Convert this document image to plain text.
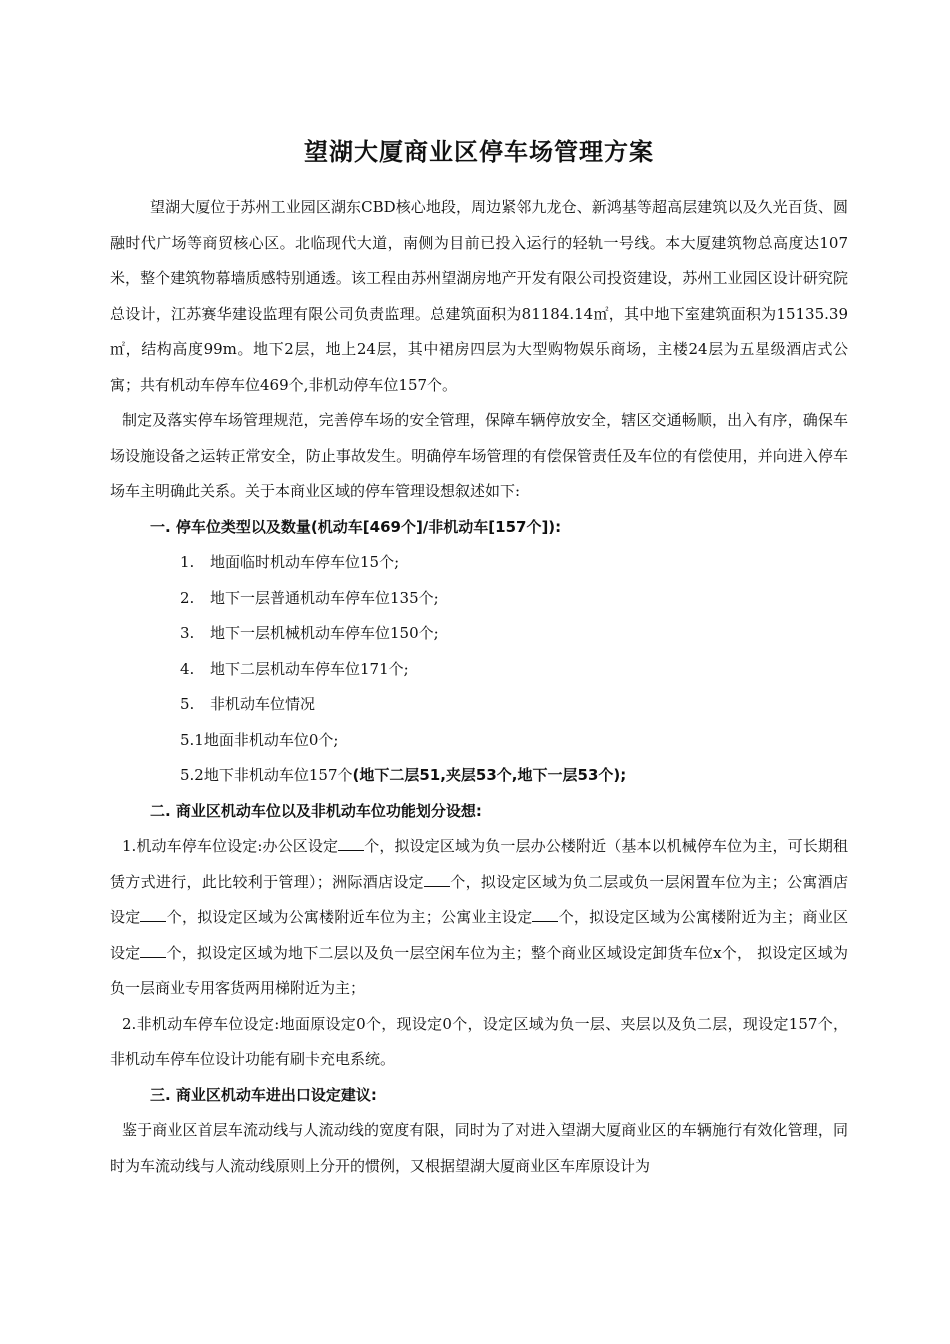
望湖大厦商业区停车场管理方案

望湖大厦位于苏州工业园区湖东CBD核心地段，周边紧邻九龙仓、新鸿基等超高层建筑以及久光百货、圆融时代广场等商贸核心区。北临现代大道，南侧为目前已投入运行的轻轨一号线。本大厦建筑物总高度达107米，整个建筑物幕墙质感特别通透。该工程由苏州望湖房地产开发有限公司投资建设，苏州工业园区设计研究院总设计，江苏赛华建设监理有限公司负责监理。总建筑面积为81184.14㎡，其中地下室建筑面积为15135.39㎡，结构高度99m。地下2层，地上24层，其中裙房四层为大型购物娱乐商场，主楼24层为五星级酒店式公寓；共有机动车停车位469个,非机动停车位157个。

制定及落实停车场管理规范，完善停车场的安全管理，保障车辆停放安全，辖区交通畅顺，出入有序，确保车场设施设备之运转正常安全，防止事故发生。明确停车场管理的有偿保管责任及车位的有偿使用，并向进入停车场车主明确此关系。关于本商业区域的停车管理设想叙述如下:

一. 停车位类型以及数量(机动车[469个]/非机动车[157个]):
1. 地面临时机动车停车位15个;
2. 地下一层普通机动车停车位135个;
3. 地下一层机械机动车停车位150个;
4. 地下二层机动车停车位171个;
5. 非机动车位情况
5.1地面非机动车位0个;
5.2地下非机动车位157个(地下二层51,夹层53个,地下一层53个);
二. 商业区机动车位以及非机动车位功能划分设想:

1.机动车停车位设定:办公区设定 个，拟设定区域为负一层办公楼附近（基本以机械停车位为主，可长期租赁方式进行，此比较利于管理）；洲际酒店设定 个，拟设定区域为负二层或负一层闲置车位为主；公寓酒店设定 个，拟设定区域为公寓楼附近车位为主；公寓业主设定 个，拟设定区域为公寓楼附近为主；商业区设定 个，拟设定区域为地下二层以及负一层空闲车位为主；整个商业区域设定卸货车位x个， 拟设定区域为负一层商业专用客货两用梯附近为主；

2.非机动车停车位设定:地面原设定0个，现设定0个，设定区域为负一层、夹层以及负二层，现设定157个，非机动车停车位设计功能有刷卡充电系统。

三. 商业区机动车进出口设定建议:

鉴于商业区首层车流动线与人流动线的宽度有限，同时为了对进入望湖大厦商业区的车辆施行有效化管理，同时为车流动线与人流动线原则上分开的惯例，又根据望湖大厦商业区车库原设计为
